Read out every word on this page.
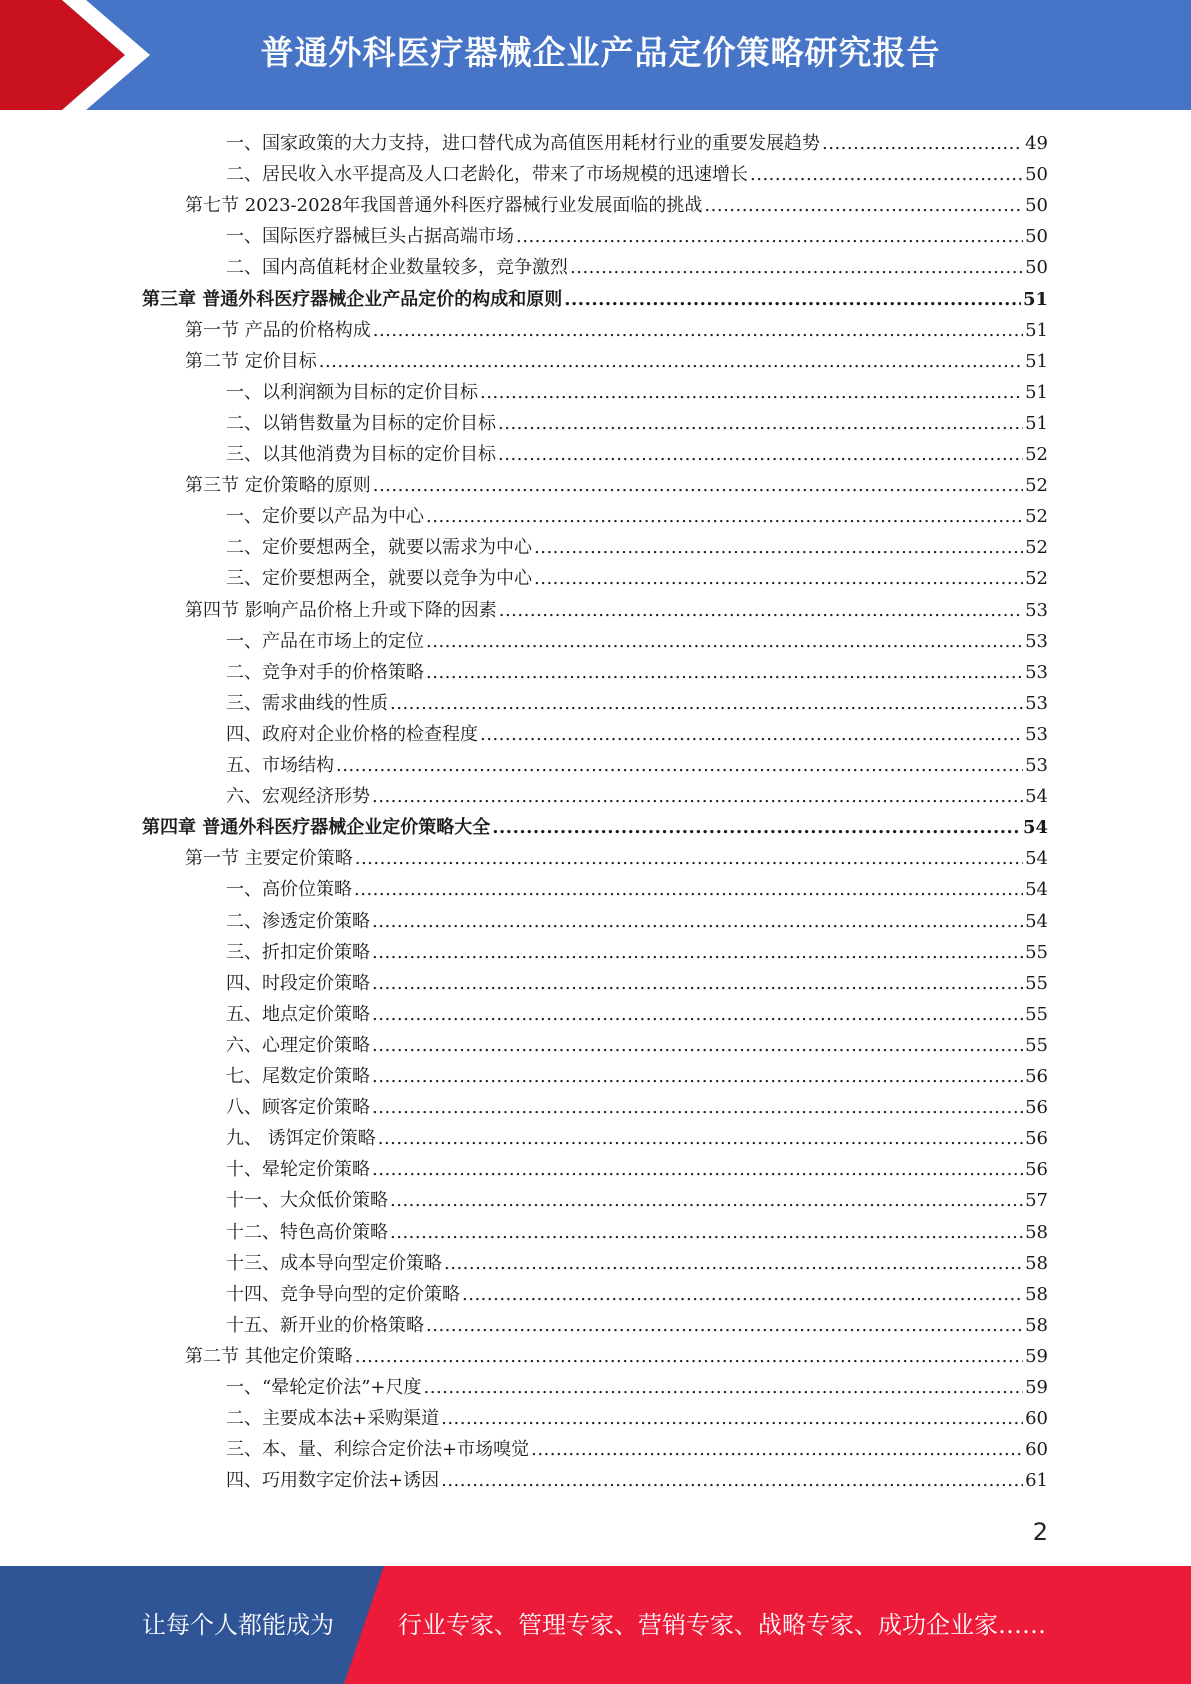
普通外科医疗器械企业产品定价策略研究报告
一、国家政策的大力支持，进口替代成为高值医用耗材行业的重要发展趋势 .....	49
二、居民收入水平提高及人口老龄化，带来了市场规模的迅速增长 .....	50
第七节 2023-2028年我国普通外科医疗器械行业发展面临的挑战 .....	50
一、国际医疗器械巨头占据高端市场 .....	50
二、国内高值耗材企业数量较多，竞争激烈 .....	50
第三章 普通外科医疗器械企业产品定价的构成和原则 .....	51
第一节 产品的价格构成 .....	51
第二节 定价目标 .....	51
一、以利润额为目标的定价目标 .....	51
二、以销售数量为目标的定价目标 .....	51
三、以其他消费为目标的定价目标 .....	52
第三节 定价策略的原则 .....	52
一、定价要以产品为中心 .....	52
二、定价要想两全，就要以需求为中心 .....	52
三、定价要想两全，就要以竞争为中心 .....	52
第四节 影响产品价格上升或下降的因素 .....	53
一、产品在市场上的定位 .....	53
二、竞争对手的价格策略 .....	53
三、需求曲线的性质 .....	53
四、政府对企业价格的检查程度 .....	53
五、市场结构 .....	53
六、宏观经济形势 .....	54
第四章 普通外科医疗器械企业定价策略大全 .....	54
第一节 主要定价策略 .....	54
一、高价位策略 .....	54
二、渗透定价策略 .....	54
三、折扣定价策略 .....	55
四、时段定价策略 .....	55
五、地点定价策略 .....	55
六、心理定价策略 .....	55
七、尾数定价策略 .....	56
八、顾客定价策略 .....	56
九、 诱饵定价策略 .....	56
十、晕轮定价策略 .....	56
十一、大众低价策略 .....	57
十二、特色高价策略 .....	58
十三、成本导向型定价策略 .....	58
十四、竞争导向型的定价策略 .....	58
十五、新开业的价格策略 .....	58
第二节 其他定价策略 .....	59
一、“晕轮定价法”+尺度 .....	59
二、主要成本法+采购渠道 .....	60
三、本、量、利综合定价法+市场嗅觉 .....	60
四、巧用数字定价法+诱因 .....	61
2
让每个人都能成为	行业专家、管理专家、营销专家、战略专家、成功企业家……
